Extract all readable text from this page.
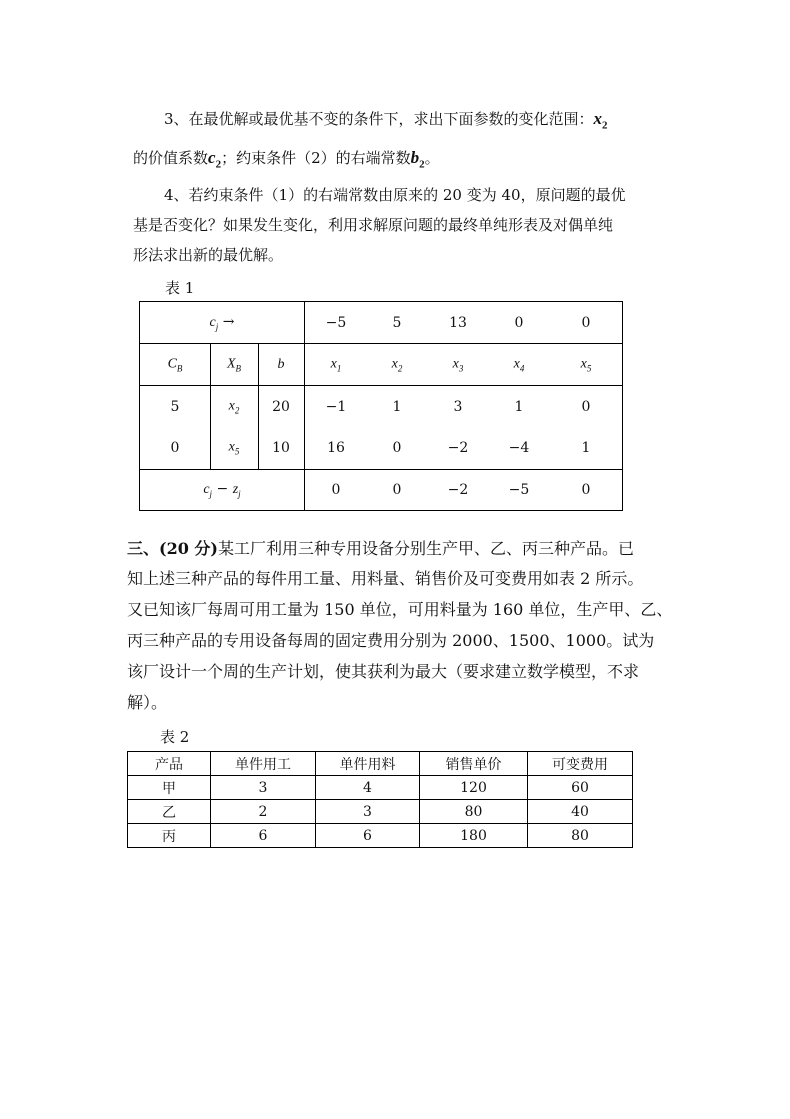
3、在最优解或最优基不变的条件下，求出下面参数的变化范围：$x_2$
的价值系数$c_2$；约束条件（2）的右端常数$b_2$。
4、若约束条件（1）的右端常数由原来的 20 变为 40，原问题的最优
基是否变化？如果发生变化，利用求解原问题的最终单纯形表及对偶单纯
形法求出新的最优解。
表 1
$c_j$ →	−5	5	13	0	0
$C_B$	$X_B$	b	$x_1$	$x_2$	$x_3$	$x_4$	$x_5$
5	$x_2$ 20	−1	1	3	1	0
0	$x_5$ 10	16	0	−2	−4	1
$c_j - z_j$	0	0	−2	−5	0
三、(20 分)某工厂利用三种专用设备分别生产甲、乙、丙三种产品。已
知上述三种产品的每件用工量、用料量、销售价及可变费用如表 2 所示。
又已知该厂每周可用工量为 150 单位，可用料量为 160 单位，生产甲、乙、
丙三种产品的专用设备每周的固定费用分别为 2000、1500、1000。试为
该厂设计一个周的生产计划，使其获利为最大（要求建立数学模型，不求
解）。
表 2
产品	单件用工	单件用料	销售单价	可变费用
甲	3	4	120	60
乙	2	3	80	40
丙	6	6	180	80
